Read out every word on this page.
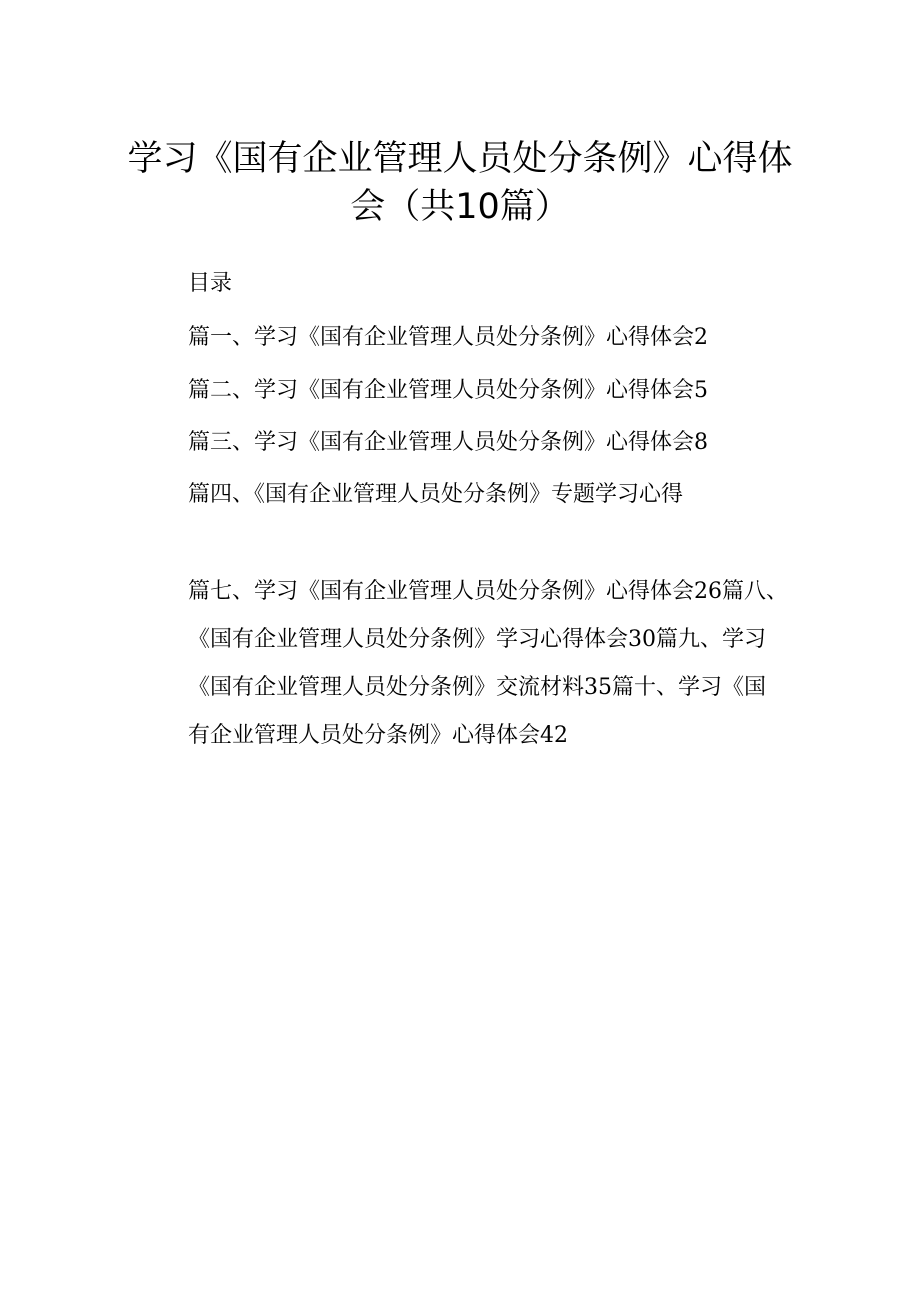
学习《国有企业管理人员处分条例》心得体
会（共10篇）
目录
篇一、学习《国有企业管理人员处分条例》心得体会2
篇二、学习《国有企业管理人员处分条例》心得体会5
篇三、学习《国有企业管理人员处分条例》心得体会8
篇四、《国有企业管理人员处分条例》专题学习心得
篇七、学习《国有企业管理人员处分条例》心得体会26篇八、
《国有企业管理人员处分条例》学习心得体会30篇九、学习
《国有企业管理人员处分条例》交流材料35篇十、学习《国
有企业管理人员处分条例》心得体会42
